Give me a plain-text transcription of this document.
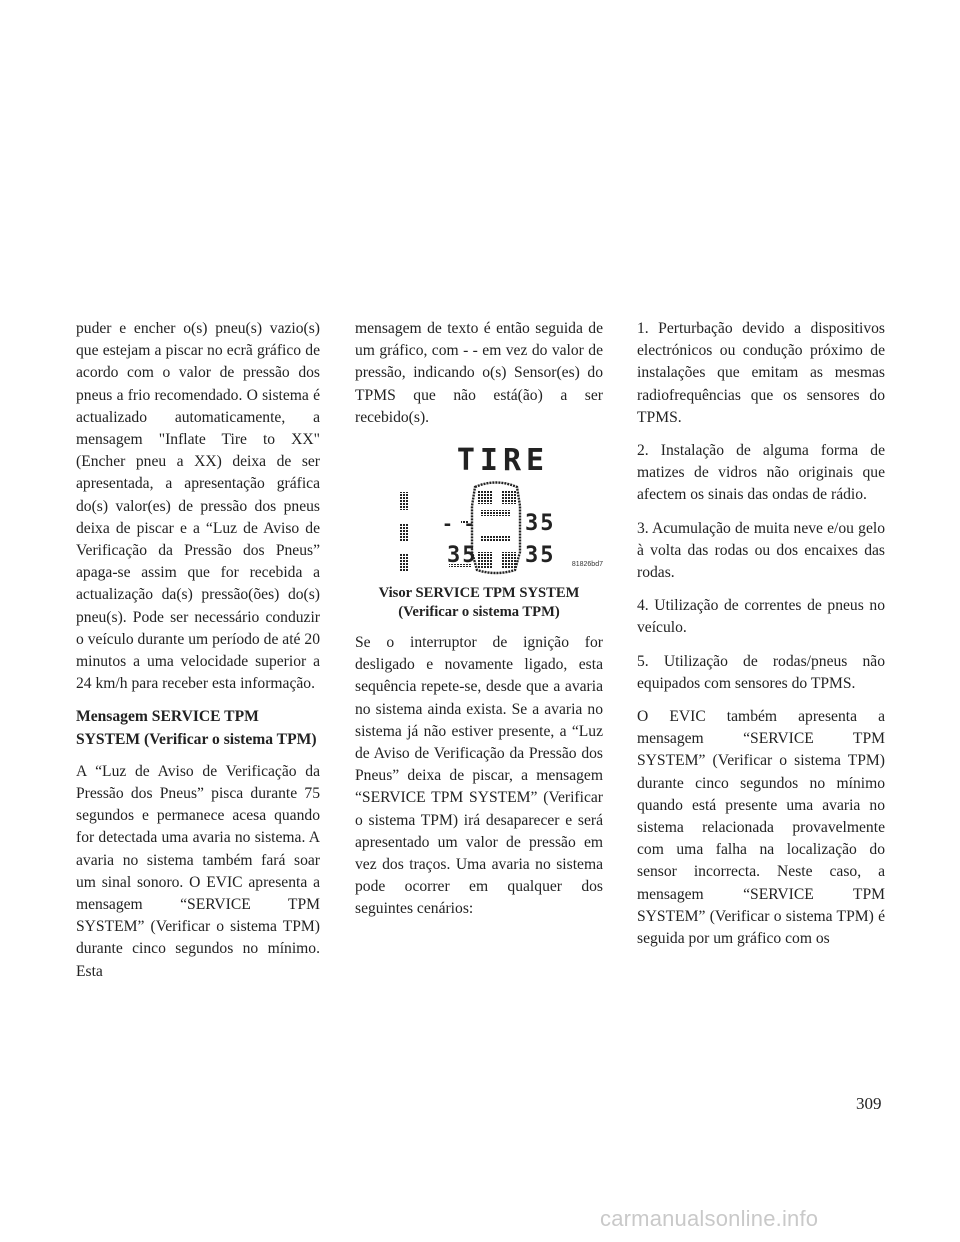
puder e encher o(s) pneu(s) vazio(s) que estejam a piscar no ecrã gráfico de acordo com o valor de pressão dos pneus a frio recomendado. O sistema é actualizado automaticamente, a mensagem "Inflate Tire to XX" (Encher pneu a XX) deixa de ser apresentada, a apresentação gráfica do(s) valor(es) de pressão dos pneus deixa de piscar e a “Luz de Aviso de Verificação da Pressão dos Pneus” apaga-se assim que for recebida a actualização da(s) pressão(ões) do(s) pneu(s). Pode ser necessário conduzir o veículo durante um período de até 20 minutos a uma velocidade superior a 24 km/h para receber esta informação.

Mensagem SERVICE TPM SYSTEM (Verificar o sistema TPM)

A “Luz de Aviso de Verificação da Pressão dos Pneus” pisca durante 75 segundos e permanece acesa quando for detectada uma avaria no sistema. A avaria no sistema também fará soar um sinal sonoro. O EVIC apresenta a mensagem “SERVICE TPM SYSTEM” (Verificar o sistema TPM) durante cinco segundos no mínimo. Esta

mensagem de texto é então seguida de um gráfico, com - - em vez do valor de pressão, indicando o(s) Sensor(es) do TPMS que não está(ão) a ser recebido(s).

TIRE
- - 35
35 35 81826bd7

Visor SERVICE TPM SYSTEM (Verificar o sistema TPM)

Se o interruptor de ignição for desligado e novamente ligado, esta sequência repete-se, desde que a avaria no sistema ainda exista. Se a avaria no sistema já não estiver presente, a “Luz de Aviso de Verificação da Pressão dos Pneus” deixa de piscar, a mensagem “SERVICE TPM SYSTEM” (Verificar o sistema TPM) irá desaparecer e será apresentado um valor de pressão em vez dos traços. Uma avaria no sistema pode ocorrer em qualquer dos seguintes cenários:

1. Perturbação devido a dispositivos electrónicos ou condução próximo de instalações que emitam as mesmas radiofrequências que os sensores do TPMS.

2. Instalação de alguma forma de matizes de vidros não originais que afectem os sinais das ondas de rádio.

3. Acumulação de muita neve e/ou gelo à volta das rodas ou dos encaixes das rodas.

4. Utilização de correntes de pneus no veículo.

5. Utilização de rodas/pneus não equipados com sensores do TPMS.

O EVIC também apresenta a mensagem “SERVICE TPM SYSTEM” (Verificar o sistema TPM) durante cinco segundos no mínimo quando está presente uma avaria no sistema relacionada provavelmente com uma falha na localização do sensor incorrecta. Neste caso, a mensagem “SERVICE TPM SYSTEM” (Verificar o sistema TPM) é seguida por um gráfico com os

309
carmanualsonline.info
